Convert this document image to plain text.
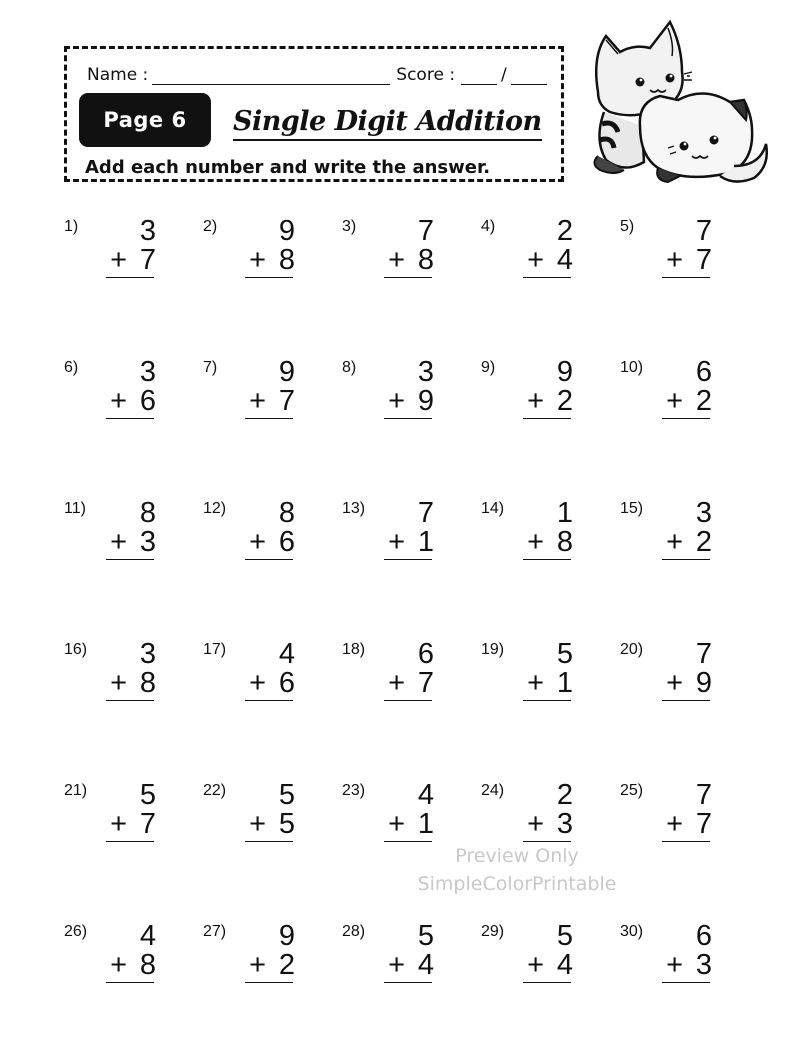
Name :	Score :	/
Page 6	Single Digit Addition
Add each number and write the answer.
1) 3
+ 7
2) 9
+ 8
3) 7
+ 8
4) 2
+ 4
5) 7
+ 7
6) 3
+ 6
7) 9
+ 7
8) 3
+ 9
9) 9
+ 2
10) 6
+ 2
11) 8
+ 3
12) 8
+ 6
13) 7
+ 1
14) 1
+ 8
15) 3
+ 2
16) 3
+ 8
17) 4
+ 6
18) 6
+ 7
19) 5
+ 1
20) 7
+ 9
21) 5
+ 7
22) 5
+ 5
23) 4
+ 1
24) 2
+ 3
25) 7
+ 7
26) 4
+ 8
27) 9
+ 2
28) 5
+ 4
29) 5
+ 4
30) 6
+ 3
Preview Only
SimpleColorPrintable
